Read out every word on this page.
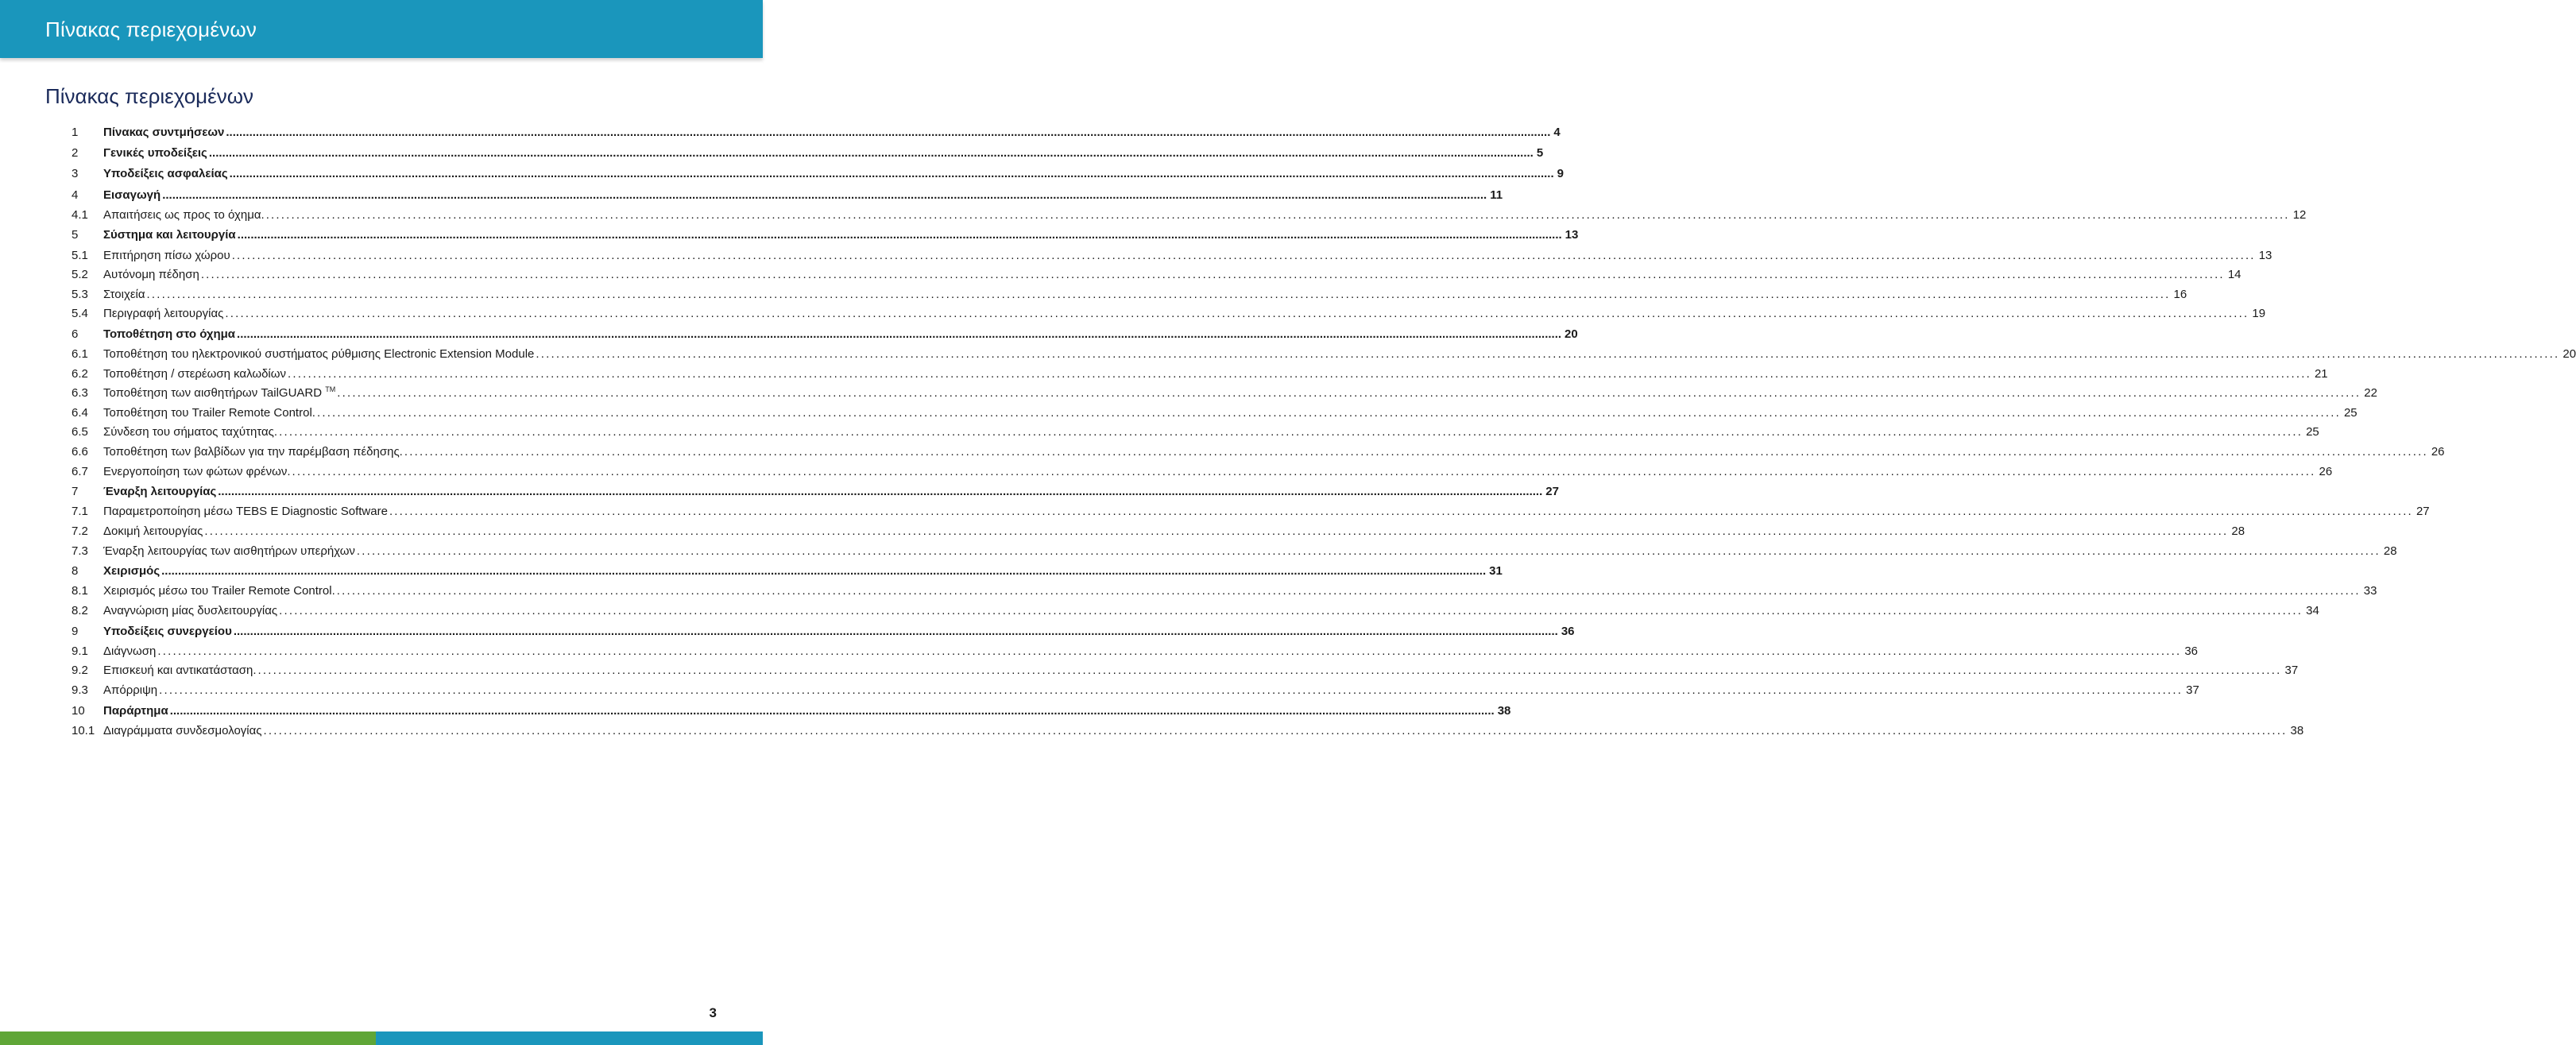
Πίνακας περιεχομένων
Πίνακας περιεχομένων
1	Πίνακας συντμήσεων ................................................................................................................................................................................................................................................................................................................................................................................................................ 4
2	Γενικές υποδείξεις ................................................................................................................................................................................................................................................................................................................................................................................................................ 5
3	Υποδείξεις ασφαλείας ................................................................................................................................................................................................................................................................................................................................................................................................................ 9
4	Εισαγωγή ................................................................................................................................................................................................................................................................................................................................................................................................................ 11
4.1	Απαιτήσεις ως προς το όχημα. ................................................................................................................................................................................................................................................................................................................................................................................................................ 12
5	Σύστημα και λειτουργία ................................................................................................................................................................................................................................................................................................................................................................................................................ 13
5.1	Επιτήρηση πίσω χώρου ................................................................................................................................................................................................................................................................................................................................................................................................................ 13
5.2	Αυτόνομη πέδηση ................................................................................................................................................................................................................................................................................................................................................................................................................ 14
5.3	Στοιχεία ................................................................................................................................................................................................................................................................................................................................................................................................................ 16
5.4	Περιγραφή λειτουργίας ................................................................................................................................................................................................................................................................................................................................................................................................................ 19
6	Τοποθέτηση στο όχημα ................................................................................................................................................................................................................................................................................................................................................................................................................ 20
6.1	Τοποθέτηση του ηλεκτρονικού συστήματος ρύθμισης Electronic Extension Module ................................................................................................................................................................................................................................................................................................................................................................................................................ 20
6.2	Τοποθέτηση / στερέωση καλωδίων ................................................................................................................................................................................................................................................................................................................................................................................................................ 21
6.3	Τοποθέτηση των αισθητήρων TailGUARD ™ ................................................................................................................................................................................................................................................................................................................................................................................................................ 22
6.4	Τοποθέτηση του Trailer Remote Control. ................................................................................................................................................................................................................................................................................................................................................................................................................ 25
6.5	Σύνδεση του σήματος ταχύτητας. ................................................................................................................................................................................................................................................................................................................................................................................................................ 25
6.6	Τοποθέτηση των βαλβίδων για την παρέμβαση πέδησης. ................................................................................................................................................................................................................................................................................................................................................................................................................ 26
6.7	Ενεργοποίηση των φώτων φρένων. ................................................................................................................................................................................................................................................................................................................................................................................................................ 26
7	Έναρξη λειτουργίας ................................................................................................................................................................................................................................................................................................................................................................................................................ 27
7.1	Παραμετροποίηση μέσω TEBS E Diagnostic Software ................................................................................................................................................................................................................................................................................................................................................................................................................ 27
7.2	Δοκιμή λειτουργίας ................................................................................................................................................................................................................................................................................................................................................................................................................ 28
7.3	Έναρξη λειτουργίας των αισθητήρων υπερήχων ................................................................................................................................................................................................................................................................................................................................................................................................................ 28
8	Χειρισμός ................................................................................................................................................................................................................................................................................................................................................................................................................ 31
8.1	Χειρισμός μέσω του Trailer Remote Control. ................................................................................................................................................................................................................................................................................................................................................................................................................ 33
8.2	Αναγνώριση μίας δυσλειτουργίας ................................................................................................................................................................................................................................................................................................................................................................................................................ 34
9	Υποδείξεις συνεργείου ................................................................................................................................................................................................................................................................................................................................................................................................................ 36
9.1	Διάγνωση ................................................................................................................................................................................................................................................................................................................................................................................................................ 36
9.2	Επισκευή και αντικατάσταση. ................................................................................................................................................................................................................................................................................................................................................................................................................ 37
9.3	Απόρριψη ................................................................................................................................................................................................................................................................................................................................................................................................................ 37
10	Παράρτημα ................................................................................................................................................................................................................................................................................................................................................................................................................ 38
10.1 Διαγράμματα συνδεσμολογίας ................................................................................................................................................................................................................................................................................................................................................................................................................ 38
3
